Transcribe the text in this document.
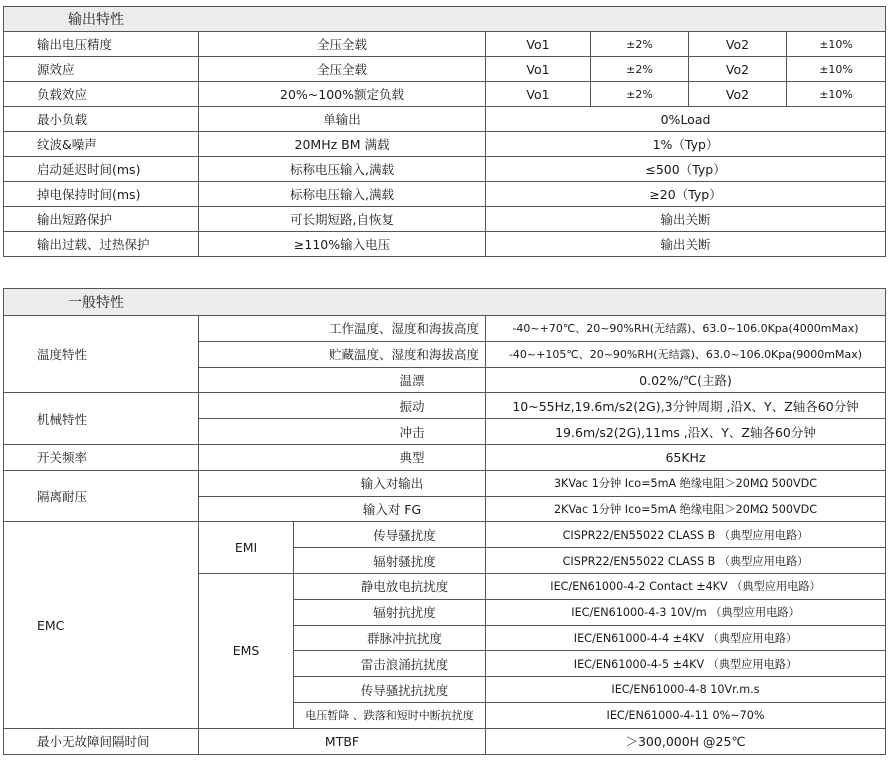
输出特性					
输出电压精度	全压全载	Vo1	±2%	Vo2	±10%
源效应	全压全载	Vo1	±2%	Vo2	±10%
负载效应	20%~100%额定负载	Vo1	±2%	Vo2	±10%
最小负载	单输出	0%Load			
纹波&噪声	20MHz BM 满载	1%（Typ）			
启动延迟时间(ms)	标称电压输入,满载	≤500（Typ）			
掉电保持时间(ms)	标称电压输入,满载	≥20（Typ）			
输出短路保护	可长期短路,自恢复	输出关断			
输出过载、过热保护	≥110%输入电压	输出关断			
一般特性			
温度特性	工作温度、湿度和海拔高度		-40~+70℃、20~90%RH(无结露)、63.0~106.0Kpa(4000mMax)
	贮藏温度、湿度和海拔高度		-40~+105℃、20~90%RH(无结露)、63.0~106.0Kpa(9000mMax)
	温漂		0.02%/℃(主路)
机械特性	振动		10~55Hz,19.6m/s2(2G),3分钟周期 ,沿X、Y、Z轴各60分钟
	冲击		19.6m/s2(2G),11ms ,沿X、Y、Z轴各60分钟
开关频率	典型		65KHz
隔离耐压	输入对输出		3KVac 1分钟 Ico=5mA 绝缘电阻＞20MΩ 500VDC
	输入对 FG		2KVac 1分钟 Ico=5mA 绝缘电阻＞20MΩ 500VDC
EMC	EMI	传导骚扰度	CISPR22/EN55022 CLASS B （典型应用电路）
		辐射骚扰度	CISPR22/EN55022 CLASS B （典型应用电路）
	EMS	静电放电抗扰度	IEC/EN61000-4-2 Contact ±4KV （典型应用电路）
		辐射抗扰度	IEC/EN61000-4-3 10V/m （典型应用电路）
		群脉冲抗扰度	IEC/EN61000-4-4 ±4KV （典型应用电路）
		雷击浪涌抗扰度	IEC/EN61000-4-5 ±4KV （典型应用电路）
		传导骚扰抗扰度	IEC/EN61000-4-8 10Vr.m.s
		电压暂降 、跌落和短时中断抗扰度	IEC/EN61000-4-11 0%~70%
最小无故障间隔时间	MTBF		＞300,000H @25℃
